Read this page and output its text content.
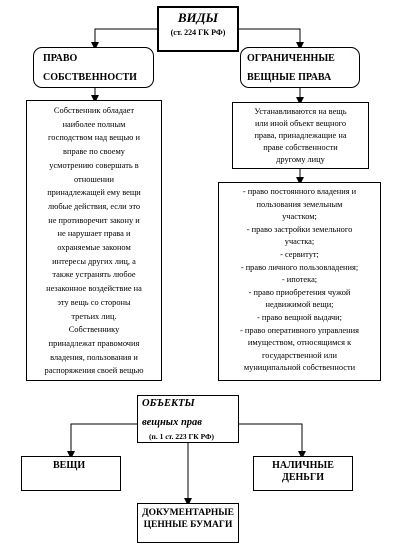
ВИДЫ
(ст. 224 ГК РФ)
ПРАВО
СОБСТВЕННОСТИ
ОГРАНИЧЕННЫЕ
ВЕЩНЫЕ ПРАВА
Собственник обладает
наиболее полным
господством над вещью и
вправе по своему
усмотрению совершать в
отношении
принадлежащей ему вещи
любые действия, если это
не противоречит закону и
не нарушает права и
охраняемые законом
интересы других лиц, а
также устранять любое
незаконное воздействие на
эту вещь со стороны
третьих лиц.
Собственнику
принадлежат правомочия
владения, пользования и
распоряжения своей вещью
Устанавливаются на вещь
или иной объект вещного
права, принадлежащие на
праве собственности
другому лицу
- право постоянного владения и
пользования земельным
участком;
- право застройки земельного
участка;
- сервитут;
- право личного пользовладения;
- ипотека;
- право приобретения чужой
недвижимой вещи;
- право вещной выдачи;
- право оперативного управления
имуществом, относящимся к
государственной или
муниципальной собственности
ОБЪЕКТЫ
вещных прав
(п. 1 ст. 223 ГК РФ)
ВЕЩИ	НАЛИЧНЫЕ
ДЕНЬГИ
ДОКУМЕНТАРНЫЕ
ЦЕННЫЕ БУМАГИ
